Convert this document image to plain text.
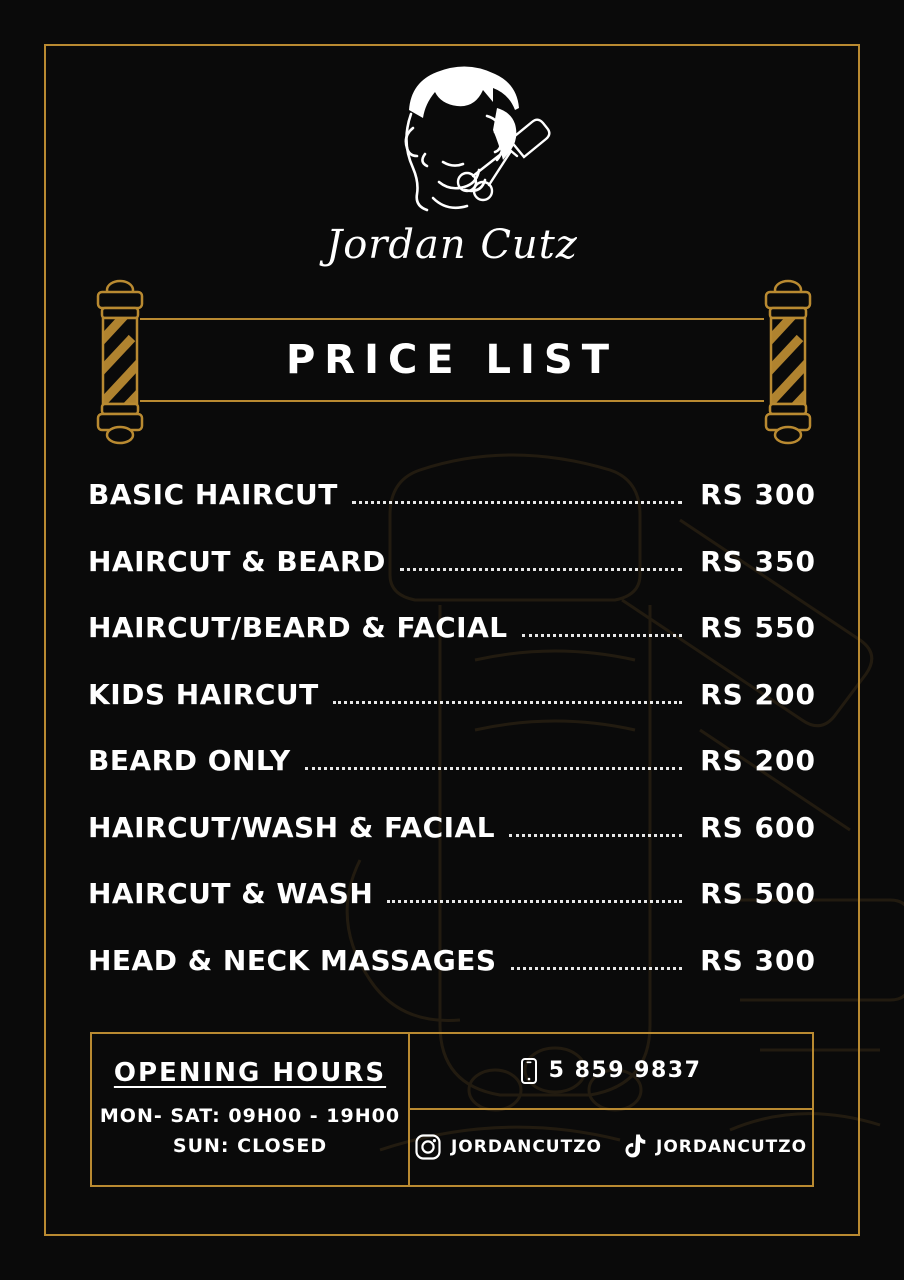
Jordan Cutz
PRICE LIST
BASIC HAIRCUT	RS 300
HAIRCUT & BEARD	RS 350
HAIRCUT/BEARD & FACIAL	RS 550
KIDS HAIRCUT	RS 200
BEARD ONLY	RS 200
HAIRCUT/WASH & FACIAL	RS 600
HAIRCUT & WASH	RS 500
HEAD & NECK MASSAGES	RS 300
OPENING HOURS
MON- SAT: 09H00 - 19H00
SUN: CLOSED
5 859 9837
JORDANCUTZO	JORDANCUTZO
